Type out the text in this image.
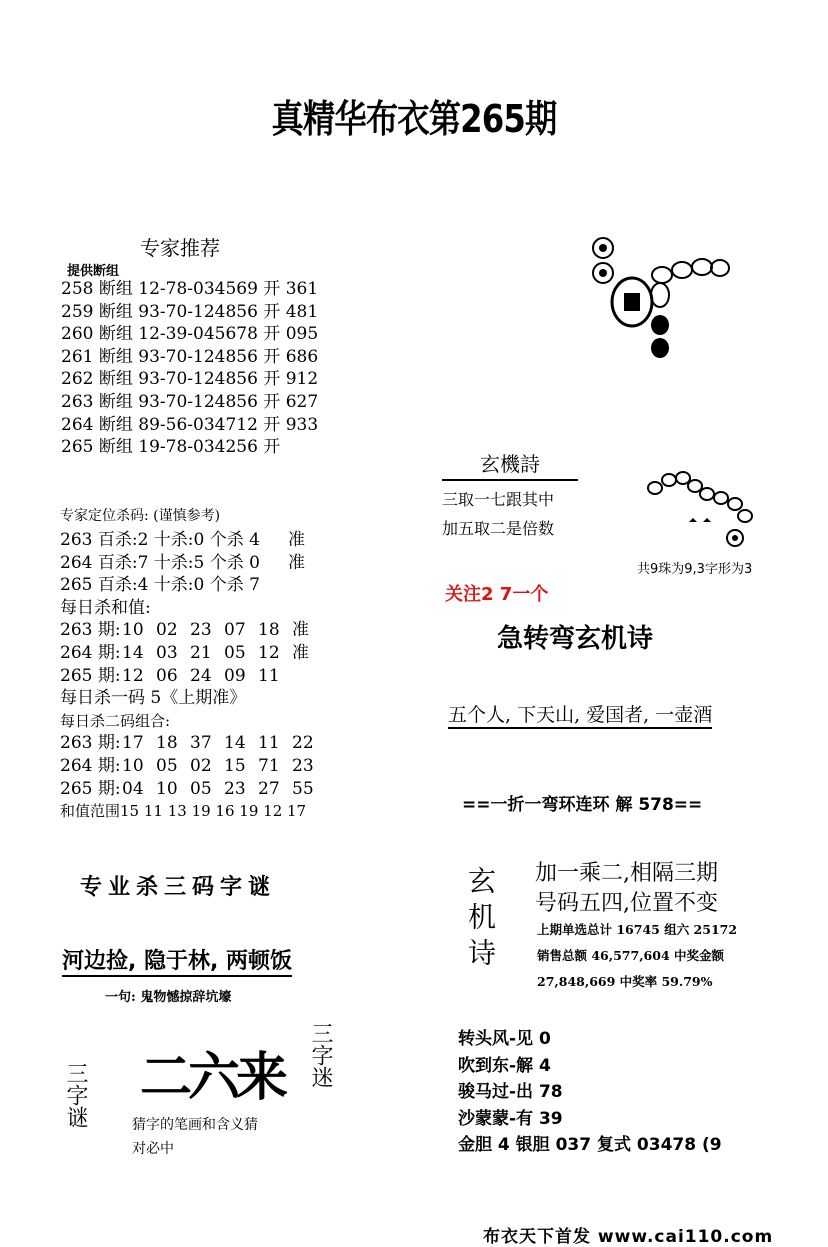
真精华布衣第265期
专家推荐
提供断组
258 断组 12-78-034569 开 361
259 断组 93-70-124856 开 481
260 断组 12-39-045678 开 095
261 断组 93-70-124856 开 686
262 断组 93-70-124856 开 912
263 断组 93-70-124856 开 627
264 断组 89-56-034712 开 933
265 断组 19-78-034256 开
专家定位杀码: (谨慎参考)
263 百杀:2 十杀:0 个杀 4 准
264 百杀:7 十杀:5 个杀 0 准
265 百杀:4 十杀:0 个杀 7
每日杀和值:
263 期:10 02 23 07 18 准
264 期:14 03 21 05 12 准
265 期:12 06 24 09 11
每日杀一码 5《上期准》
每日杀二码组合:
263 期:17 18 37 14 11 22
264 期:10 05 02 15 71 23
265 期:04 10 05 23 27 55
和值范围15 11 13 19 16 19 12 17
专业杀三码字谜
河边捡, 隐于林, 两顿饭
一句: 鬼物憾掠辞坑壕
三字谜 二六来 三字迷
猜字的笔画和含义猜
对必中
玄機詩
三取一七跟其中
加五取二是倍数
共9珠为9,3字形为3
关注2 7一个
急转弯玄机诗
五个人, 下天山, 爱国者, 一壶酒
==一折一弯环连环 解 578==
玄机诗 加一乘二,相隔三期
号码五四,位置不变
上期单选总计 16745 组六 25172
销售总额 46,577,604 中奖金额
27,848,669 中奖率 59.79%
转头风-见 0
吹到东-解 4
骏马过-出 78
沙蒙蒙-有 39
金胆 4 银胆 037 复式 03478 (9
布衣天下首发 www.cai110.com
